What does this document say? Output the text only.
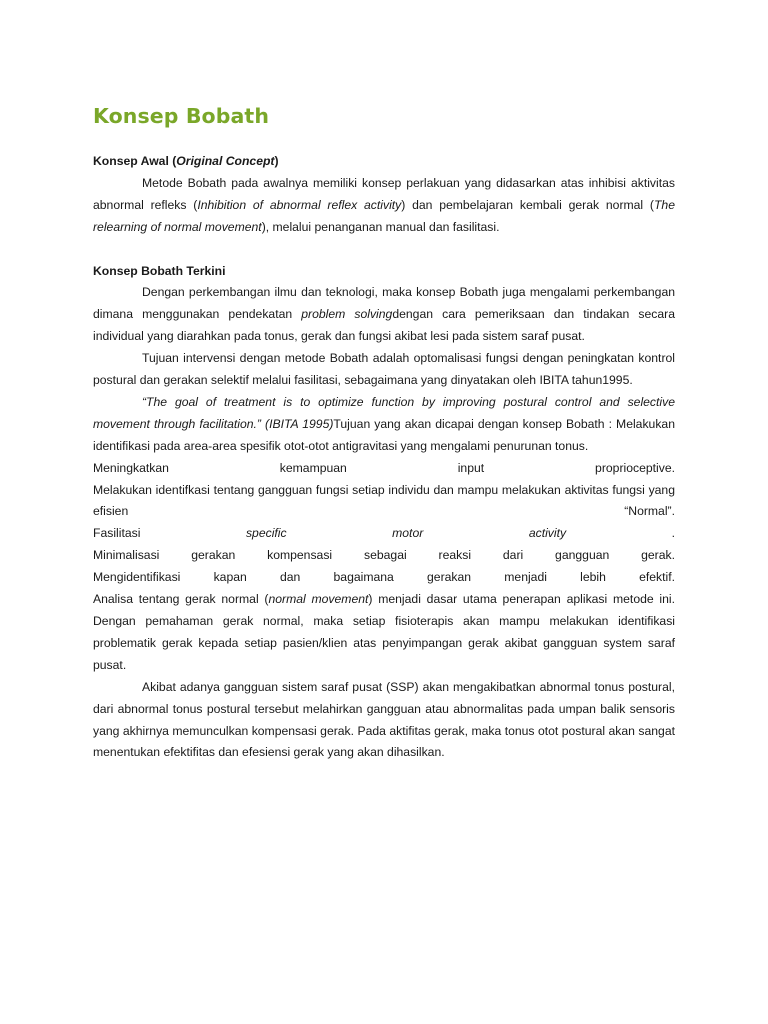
Konsep Bobath

Konsep Awal (Original Concept)

Metode Bobath pada awalnya memiliki konsep perlakuan yang didasarkan atas inhibisi aktivitas abnormal refleks (Inhibition of abnormal reflex activity) dan pembelajaran kembali gerak normal (The relearning of normal movement), melalui penanganan manual dan fasilitasi.

Konsep Bobath Terkini

Dengan perkembangan ilmu dan teknologi, maka konsep Bobath juga mengalami perkembangan dimana menggunakan pendekatan problem solvingdengan cara pemeriksaan dan tindakan secara individual yang diarahkan pada tonus, gerak dan fungsi akibat lesi pada sistem saraf pusat.

Tujuan intervensi dengan metode Bobath adalah optomalisasi fungsi dengan peningkatan kontrol postural dan gerakan selektif melalui fasilitasi, sebagaimana yang dinyatakan oleh IBITA tahun1995.

“The goal of treatment is to optimize function by improving postural control and selective movement through facilitation.” (IBITA 1995)Tujuan yang akan dicapai dengan konsep Bobath : Melakukan identifikasi pada area-area spesifik otot-otot antigravitasi yang mengalami penurunan tonus.

Meningkatkan kemampuan input proprioceptive.

Melakukan identifkasi tentang gangguan fungsi setiap individu dan mampu melakukan aktivitas fungsi yang efisien “Normal”.

Fasilitasi specific motor activity .

Minimalisasi gerakan kompensasi sebagai reaksi dari gangguan gerak.

Mengidentifikasi kapan dan bagaimana gerakan menjadi lebih efektif.

Analisa tentang gerak normal (normal movement) menjadi dasar utama penerapan aplikasi metode ini. Dengan pemahaman gerak normal, maka setiap fisioterapis akan mampu melakukan identifikasi problematik gerak kepada setiap pasien/klien atas penyimpangan gerak akibat gangguan system saraf pusat.

Akibat adanya gangguan sistem saraf pusat (SSP) akan mengakibatkan abnormal tonus postural, dari abnormal tonus postural tersebut melahirkan gangguan atau abnormalitas pada umpan balik sensoris yang akhirnya memunculkan kompensasi gerak. Pada aktifitas gerak, maka tonus otot postural akan sangat menentukan efektifitas dan efesiensi gerak yang akan dihasilkan.
